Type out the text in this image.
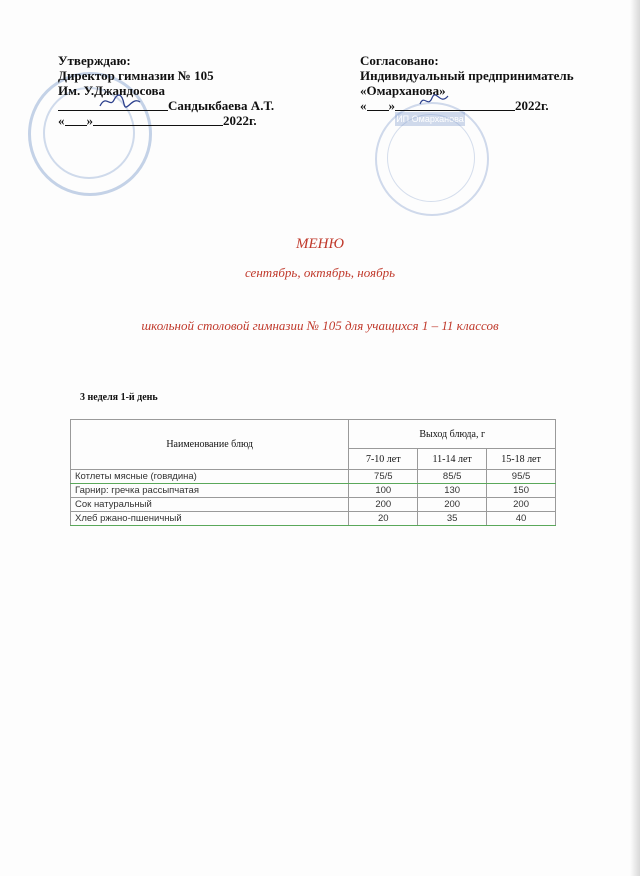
ИП Омарханова
Утверждаю:
Директор гимназии № 105
Им. У.Джандосова
Сандыкбаева А.Т.
« »	2022г.
Согласовано:
Индивидуальный предприниматель
«Омарханова»
« »	2022г.
МЕНЮ
сентябрь, октябрь, ноябрь
школьной столовой гимназии № 105 для учащихся 1 – 11 классов
3 неделя 1-й день
Наименование блюд	Выход блюда, г		
	7-10 лет	11-14 лет	15-18 лет
Котлеты мясные (говядина)	75/5	85/5	95/5
Гарнир: гречка рассыпчатая	100	130	150
Сок натуральный	200	200	200
Хлеб ржано-пшеничный	20	35	40
